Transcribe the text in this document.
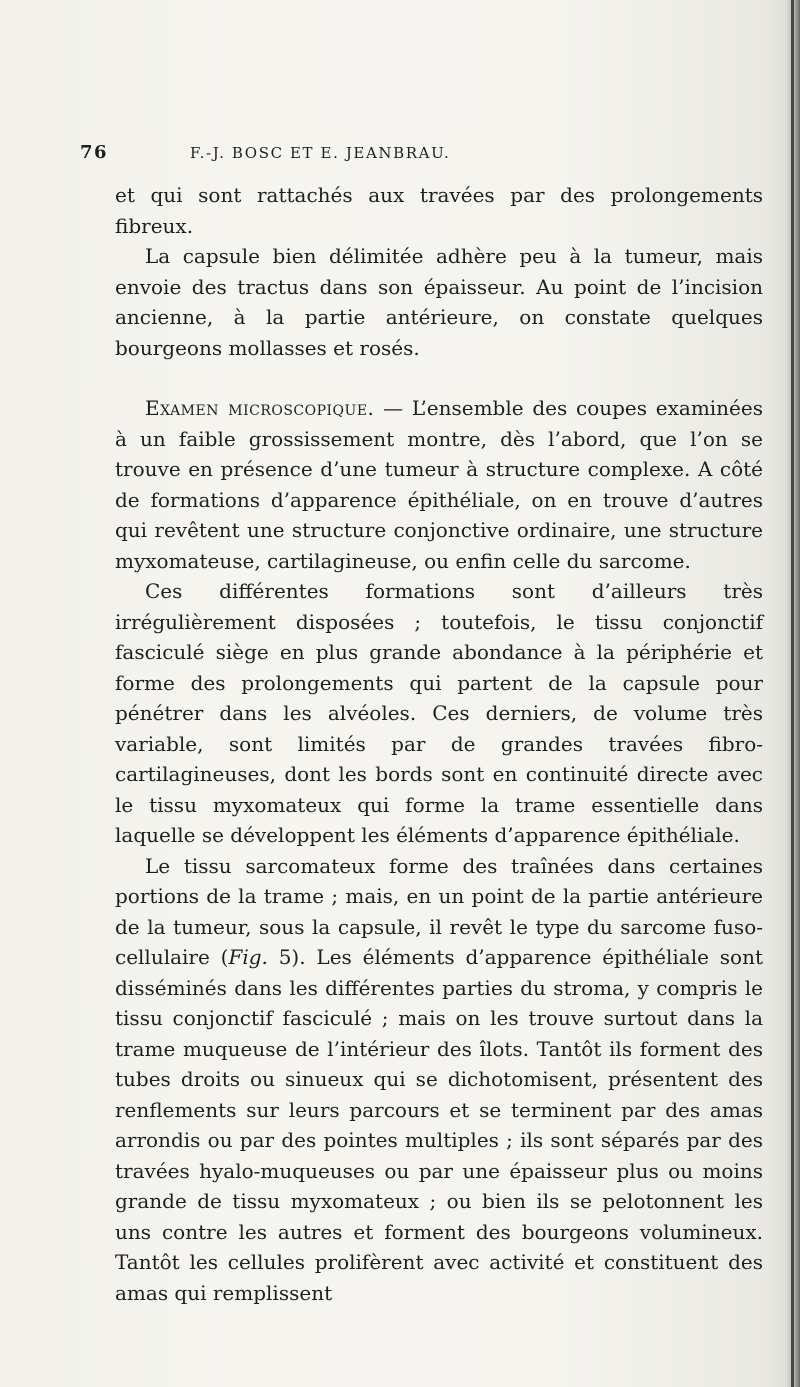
76	F.-J. BOSC ET E. JEANBRAU.

et qui sont rattachés aux travées par des prolongements fibreux.

La capsule bien délimitée adhère peu à la tumeur, mais envoie des tractus dans son épaisseur. Au point de l’incision ancienne, à la partie antérieure, on constate quelques bourgeons mollasses et rosés.

Examen microscopique. — L’ensemble des coupes examinées à un faible grossissement montre, dès l’abord, que l’on se trouve en présence d’une tumeur à structure complexe. A côté de formations d’apparence épithéliale, on en trouve d’autres qui revêtent une structure conjonctive ordinaire, une structure myxomateuse, cartilagineuse, ou enfin celle du sarcome.

Ces différentes formations sont d’ailleurs très irrégulièrement disposées ; toutefois, le tissu conjonctif fasciculé siège en plus grande abondance à la périphérie et forme des prolongements qui partent de la capsule pour pénétrer dans les alvéoles. Ces derniers, de volume très variable, sont limités par de grandes travées fibro-cartilagineuses, dont les bords sont en continuité directe avec le tissu myxomateux qui forme la trame essentielle dans laquelle se développent les éléments d’apparence épithéliale.

Le tissu sarcomateux forme des traînées dans certaines portions de la trame ; mais, en un point de la partie antérieure de la tumeur, sous la capsule, il revêt le type du sarcome fuso-cellulaire (Fig. 5). Les éléments d’apparence épithéliale sont disséminés dans les différentes parties du stroma, y compris le tissu conjonctif fasciculé ; mais on les trouve surtout dans la trame muqueuse de l’intérieur des îlots. Tantôt ils forment des tubes droits ou sinueux qui se dichotomisent, présentent des renflements sur leurs parcours et se terminent par des amas arrondis ou par des pointes multiples ; ils sont séparés par des travées hyalo-muqueuses ou par une épaisseur plus ou moins grande de tissu myxomateux ; ou bien ils se pelotonnent les uns contre les autres et forment des bourgeons volumineux. Tantôt les cellules prolifèrent avec activité et constituent des amas qui remplissent
